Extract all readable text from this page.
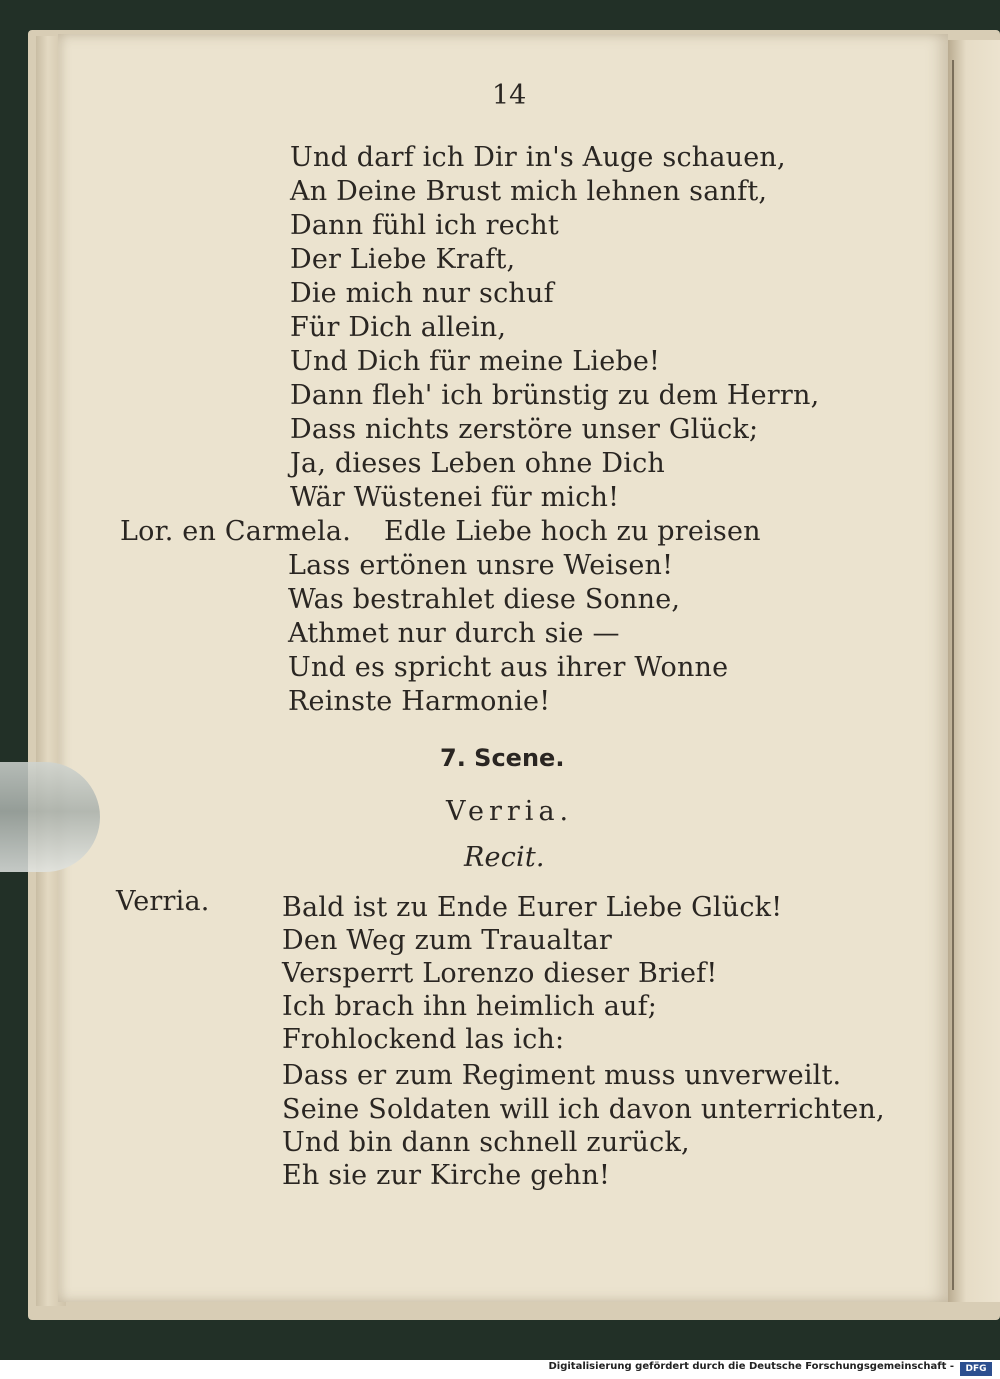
14
Und darf ich Dir in's Auge schauen,
An Deine Brust mich lehnen sanft,
Dann fühl ich recht
Der Liebe Kraft,
Die mich nur schuf
Für Dich allein,
Und Dich für meine Liebe!
Dann fleh' ich brünstig zu dem Herrn,
Dass nichts zerstöre unser Glück;
Ja, dieses Leben ohne Dich
Wär Wüstenei für mich!
Lor. en Carmela. Edle Liebe hoch zu preisen
Lass ertönen unsre Weisen!
Was bestrahlet diese Sonne,
Athmet nur durch sie —
Und es spricht aus ihrer Wonne
Reinste Harmonie!
7. Scene.
Verria.
Recit.
Verria.	Bald ist zu Ende Eurer Liebe Glück!
Den Weg zum Traualtar
Versperrt Lorenzo dieser Brief!
Ich brach ihn heimlich auf;
Frohlockend las ich:
Dass er zum Regiment muss unverweilt.
Seine Soldaten will ich davon unterrichten,
Und bin dann schnell zurück,
Eh sie zur Kirche gehn!
Digitalisierung gefördert durch die Deutsche Forschungsgemeinschaft -	DFG
